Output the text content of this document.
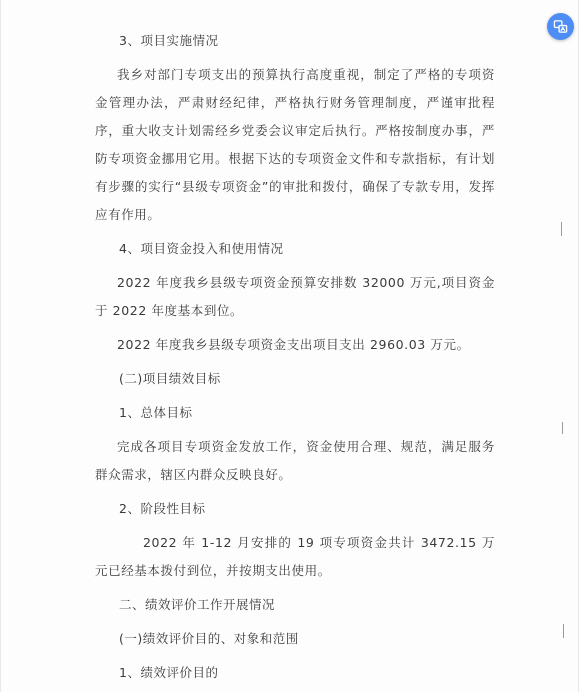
3、项目实施情况
我乡对部门专项支出的预算执行高度重视，制定了严格的专项资金管理办法，严肃财经纪律，严格执行财务管理制度，严谨审批程序，重大收支计划需经乡党委会议审定后执行。严格按制度办事，严防专项资金挪用它用。根据下达的专项资金文件和专款指标，有计划有步骤的实行“县级专项资金”的审批和拨付，确保了专款专用，发挥应有作用。
4、项目资金投入和使用情况
2022 年度我乡县级专项资金预算安排数 32000 万元,项目资金于 2022 年度基本到位。
2022 年度我乡县级专项资金支出项目支出 2960.03 万元。
(二)项目绩效目标
1、总体目标
完成各项目专项资金发放工作，资金使用合理、规范，满足服务群众需求，辖区内群众反映良好。
2、阶段性目标
2022 年 1-12 月安排的 19 项专项资金共计 3472.15 万元已经基本拨付到位，并按期支出使用。
二、绩效评价工作开展情况
(一)绩效评价目的、对象和范围
1、绩效评价目的
